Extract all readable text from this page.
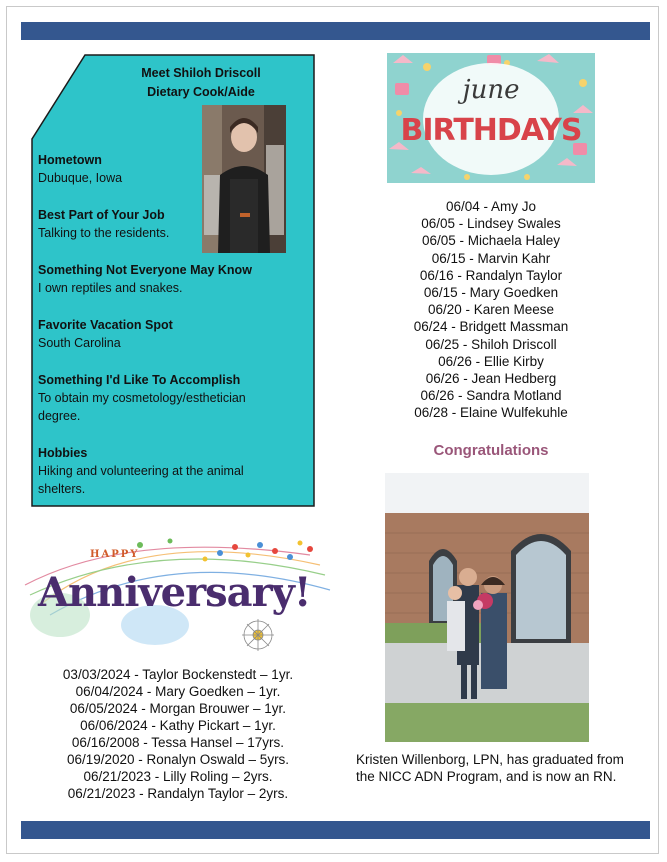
Meet Shiloh Driscoll
Dietary Cook/Aide
Hometown
Dubuque, Iowa
Best Part of Your Job
Talking to the residents.
Something Not Everyone May Know
I own reptiles and snakes.
Favorite Vacation Spot
South Carolina
Something I'd Like To Accomplish
To obtain my cosmetology/esthetician degree.
Hobbies
Hiking and volunteering at the animal shelters.
june
BIRTHDAYS
06/04 - Amy Jo
06/05 - Lindsey Swales
06/05 - Michaela Haley
06/15 - Marvin Kahr
06/16 - Randalyn Taylor
06/15 - Mary Goedken
06/20 - Karen Meese
06/24 - Bridgett Massman
06/25 - Shiloh Driscoll
06/26 - Ellie Kirby
06/26 - Jean Hedberg
06/26 - Sandra Motland
06/28 - Elaine Wulfekuhle
Congratulations
Kristen Willenborg, LPN, has graduated from the NICC ADN Program, and is now an RN.
HAPPY
Anniversary!
03/03/2024 - Taylor Bockenstedt – 1yr.
06/04/2024 - Mary Goedken – 1yr.
06/05/2024 - Morgan Brouwer – 1yr.
06/06/2024 - Kathy Pickart – 1yr.
06/16/2008 - Tessa Hansel – 17yrs.
06/19/2020 - Ronalyn Oswald – 5yrs.
06/21/2023 - Lilly Roling – 2yrs.
06/21/2023 - Randalyn Taylor – 2yrs.
